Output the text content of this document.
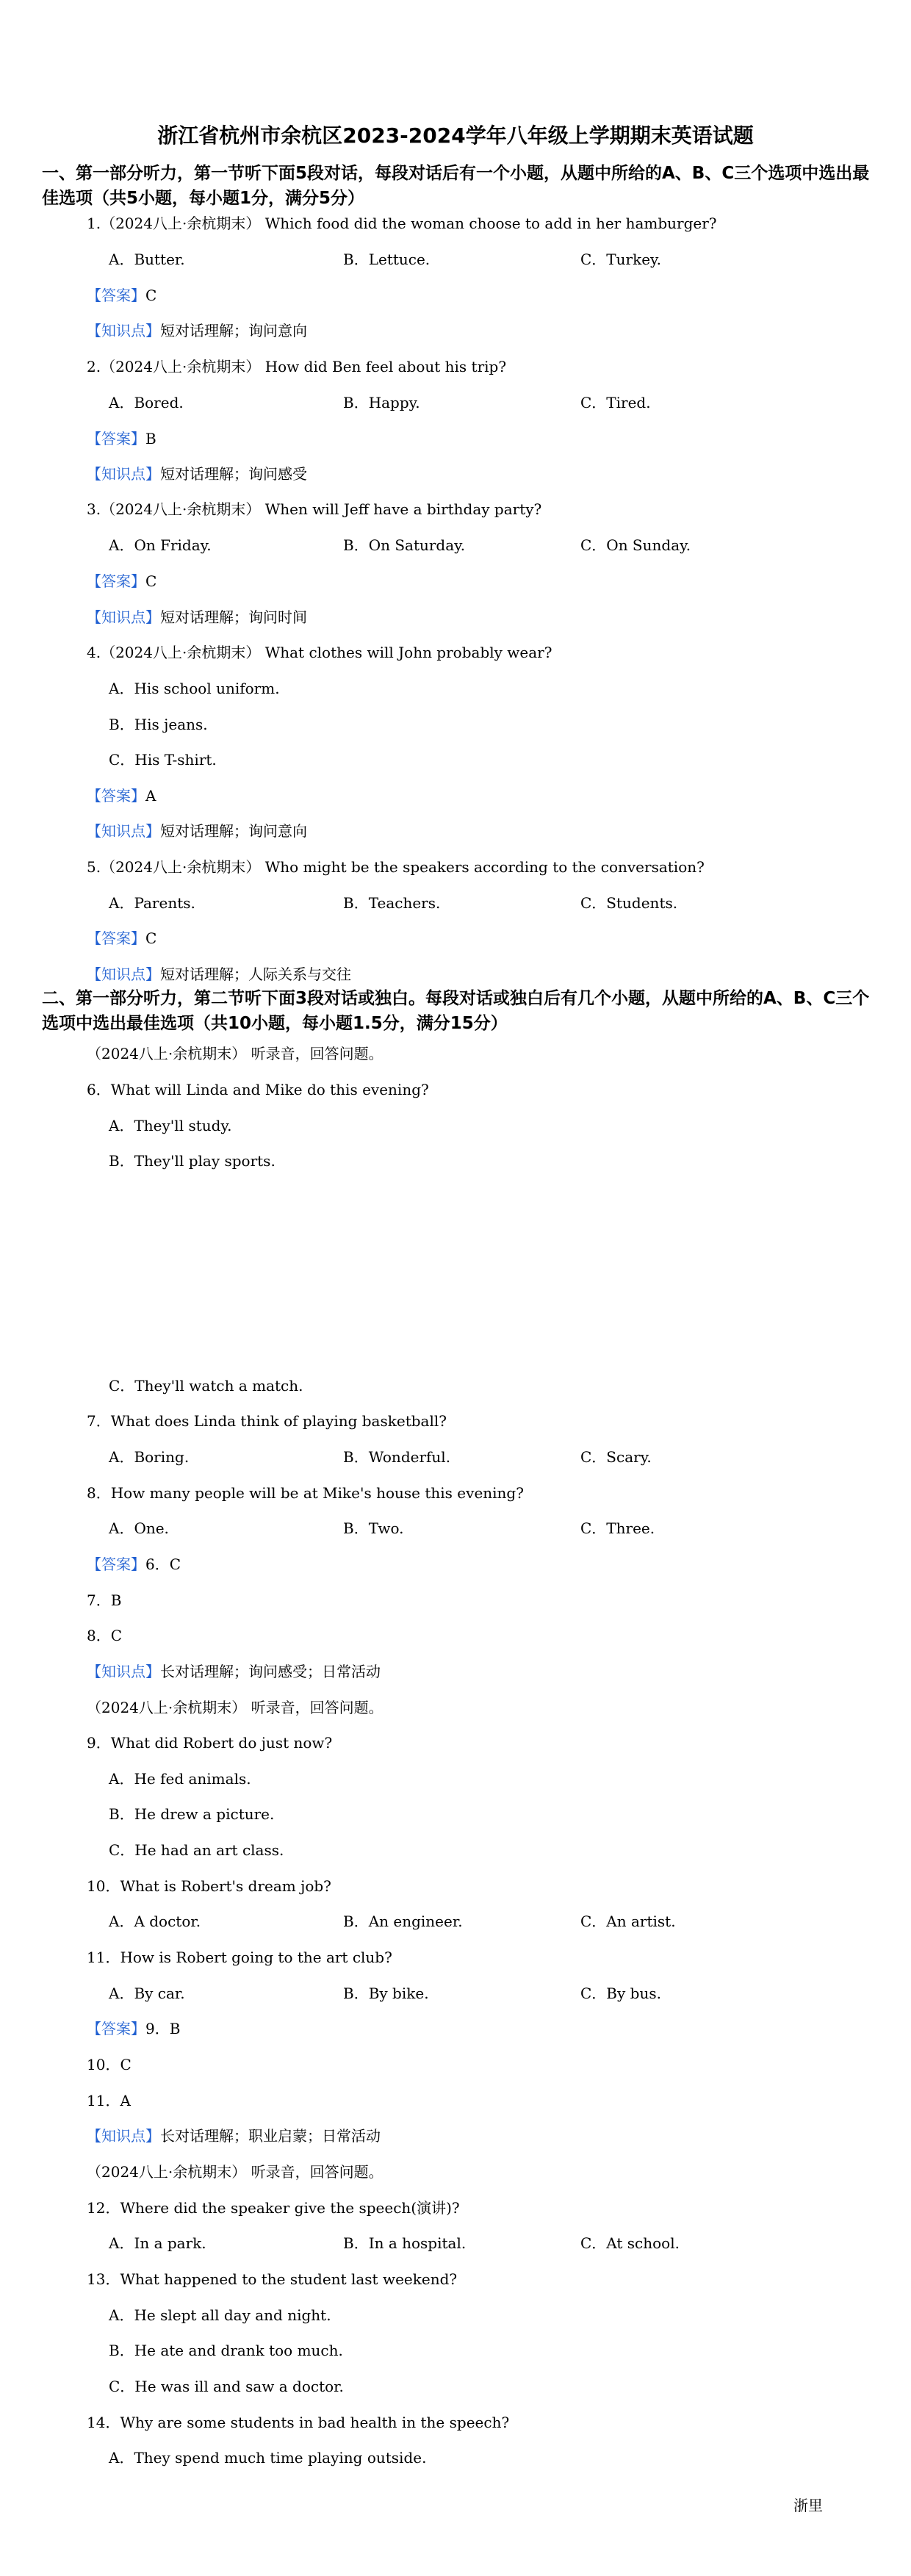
浙江省杭州市余杭区2023-2024学年八年级上学期期末英语试题
一、第一部分听力，第一节听下面5段对话，每段对话后有一个小题，从题中所给的A、B、C三个选项中选出最佳选项（共5小题，每小题1分，满分5分）
1.（2024八上·余杭期末） Which food did the woman choose to add in her hamburger?
A．Butter.	B．Lettuce.	C．Turkey.
【答案】C
【知识点】短对话理解；询问意向
2.（2024八上·余杭期末） How did Ben feel about his trip?
A．Bored.	B．Happy.	C．Tired.
【答案】B
【知识点】短对话理解；询问感受
3.（2024八上·余杭期末） When will Jeff have a birthday party?
A．On Friday.	B．On Saturday.	C．On Sunday.
【答案】C
【知识点】短对话理解；询问时间
4.（2024八上·余杭期末） What clothes will John probably wear?
A．His school uniform.
B．His jeans.
C．His T-shirt.
【答案】A
【知识点】短对话理解；询问意向
5.（2024八上·余杭期末） Who might be the speakers according to the conversation?
A．Parents.	B．Teachers.	C．Students.
【答案】C
【知识点】短对话理解；人际关系与交往
二、第一部分听力，第二节听下面3段对话或独白。每段对话或独白后有几个小题，从题中所给的A、B、C三个选项中选出最佳选项（共10小题，每小题1.5分，满分15分）
（2024八上·余杭期末） 听录音，回答问题。
6．What will Linda and Mike do this evening?
A．They'll study.
B．They'll play sports.
C．They'll watch a match.
7．What does Linda think of playing basketball?
A．Boring.	B．Wonderful.	C．Scary.
8．How many people will be at Mike's house this evening?
A．One.	B．Two.	C．Three.
【答案】6．C
7．B
8．C
【知识点】长对话理解；询问感受；日常活动
（2024八上·余杭期末） 听录音，回答问题。
9．What did Robert do just now?
A．He fed animals.
B．He drew a picture.
C．He had an art class.
10．What is Robert's dream job?
A．A doctor.	B．An engineer.	C．An artist.
11．How is Robert going to the art club?
A．By car.	B．By bike.	C．By bus.
【答案】9．B
10．C
11．A
【知识点】长对话理解；职业启蒙；日常活动
（2024八上·余杭期末） 听录音，回答问题。
12．Where did the speaker give the speech(演讲)?
A．In a park.	B．In a hospital.	C．At school.
13．What happened to the student last weekend?
A．He slept all day and night.
B．He ate and drank too much.
C．He was ill and saw a doctor.
14．Why are some students in bad health in the speech?
A．They spend much time playing outside.
浙里
